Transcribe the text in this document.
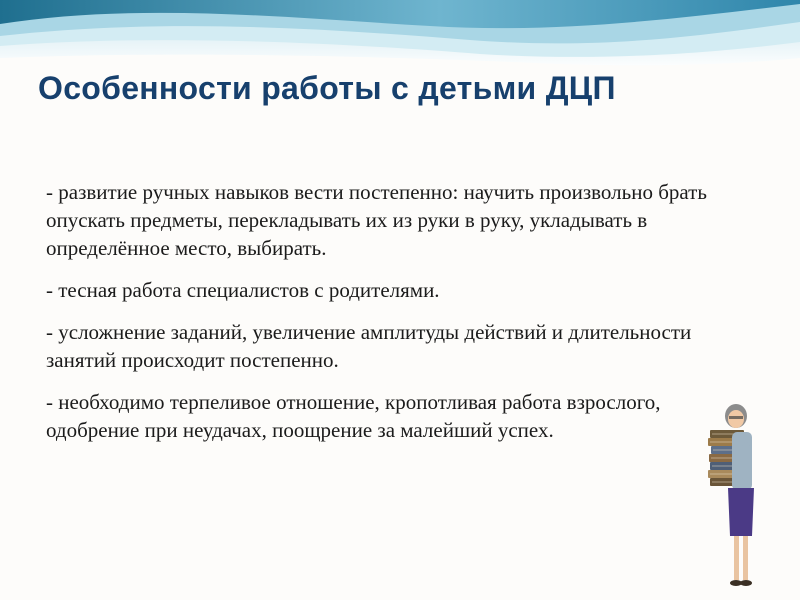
Особенности работы с детьми ДЦП

- развитие ручных навыков вести постепенно: научить произвольно брать опускать предметы, перекладывать их из руки в руку, укладывать в определённое место, выбирать.

- тесная работа специалистов с родителями.

- усложнение заданий, увеличение амплитуды действий и длительности занятий происходит постепенно.

- необходимо терпеливое отношение, кропотливая работа взрослого, одобрение при неудачах, поощрение за малейший успех.
